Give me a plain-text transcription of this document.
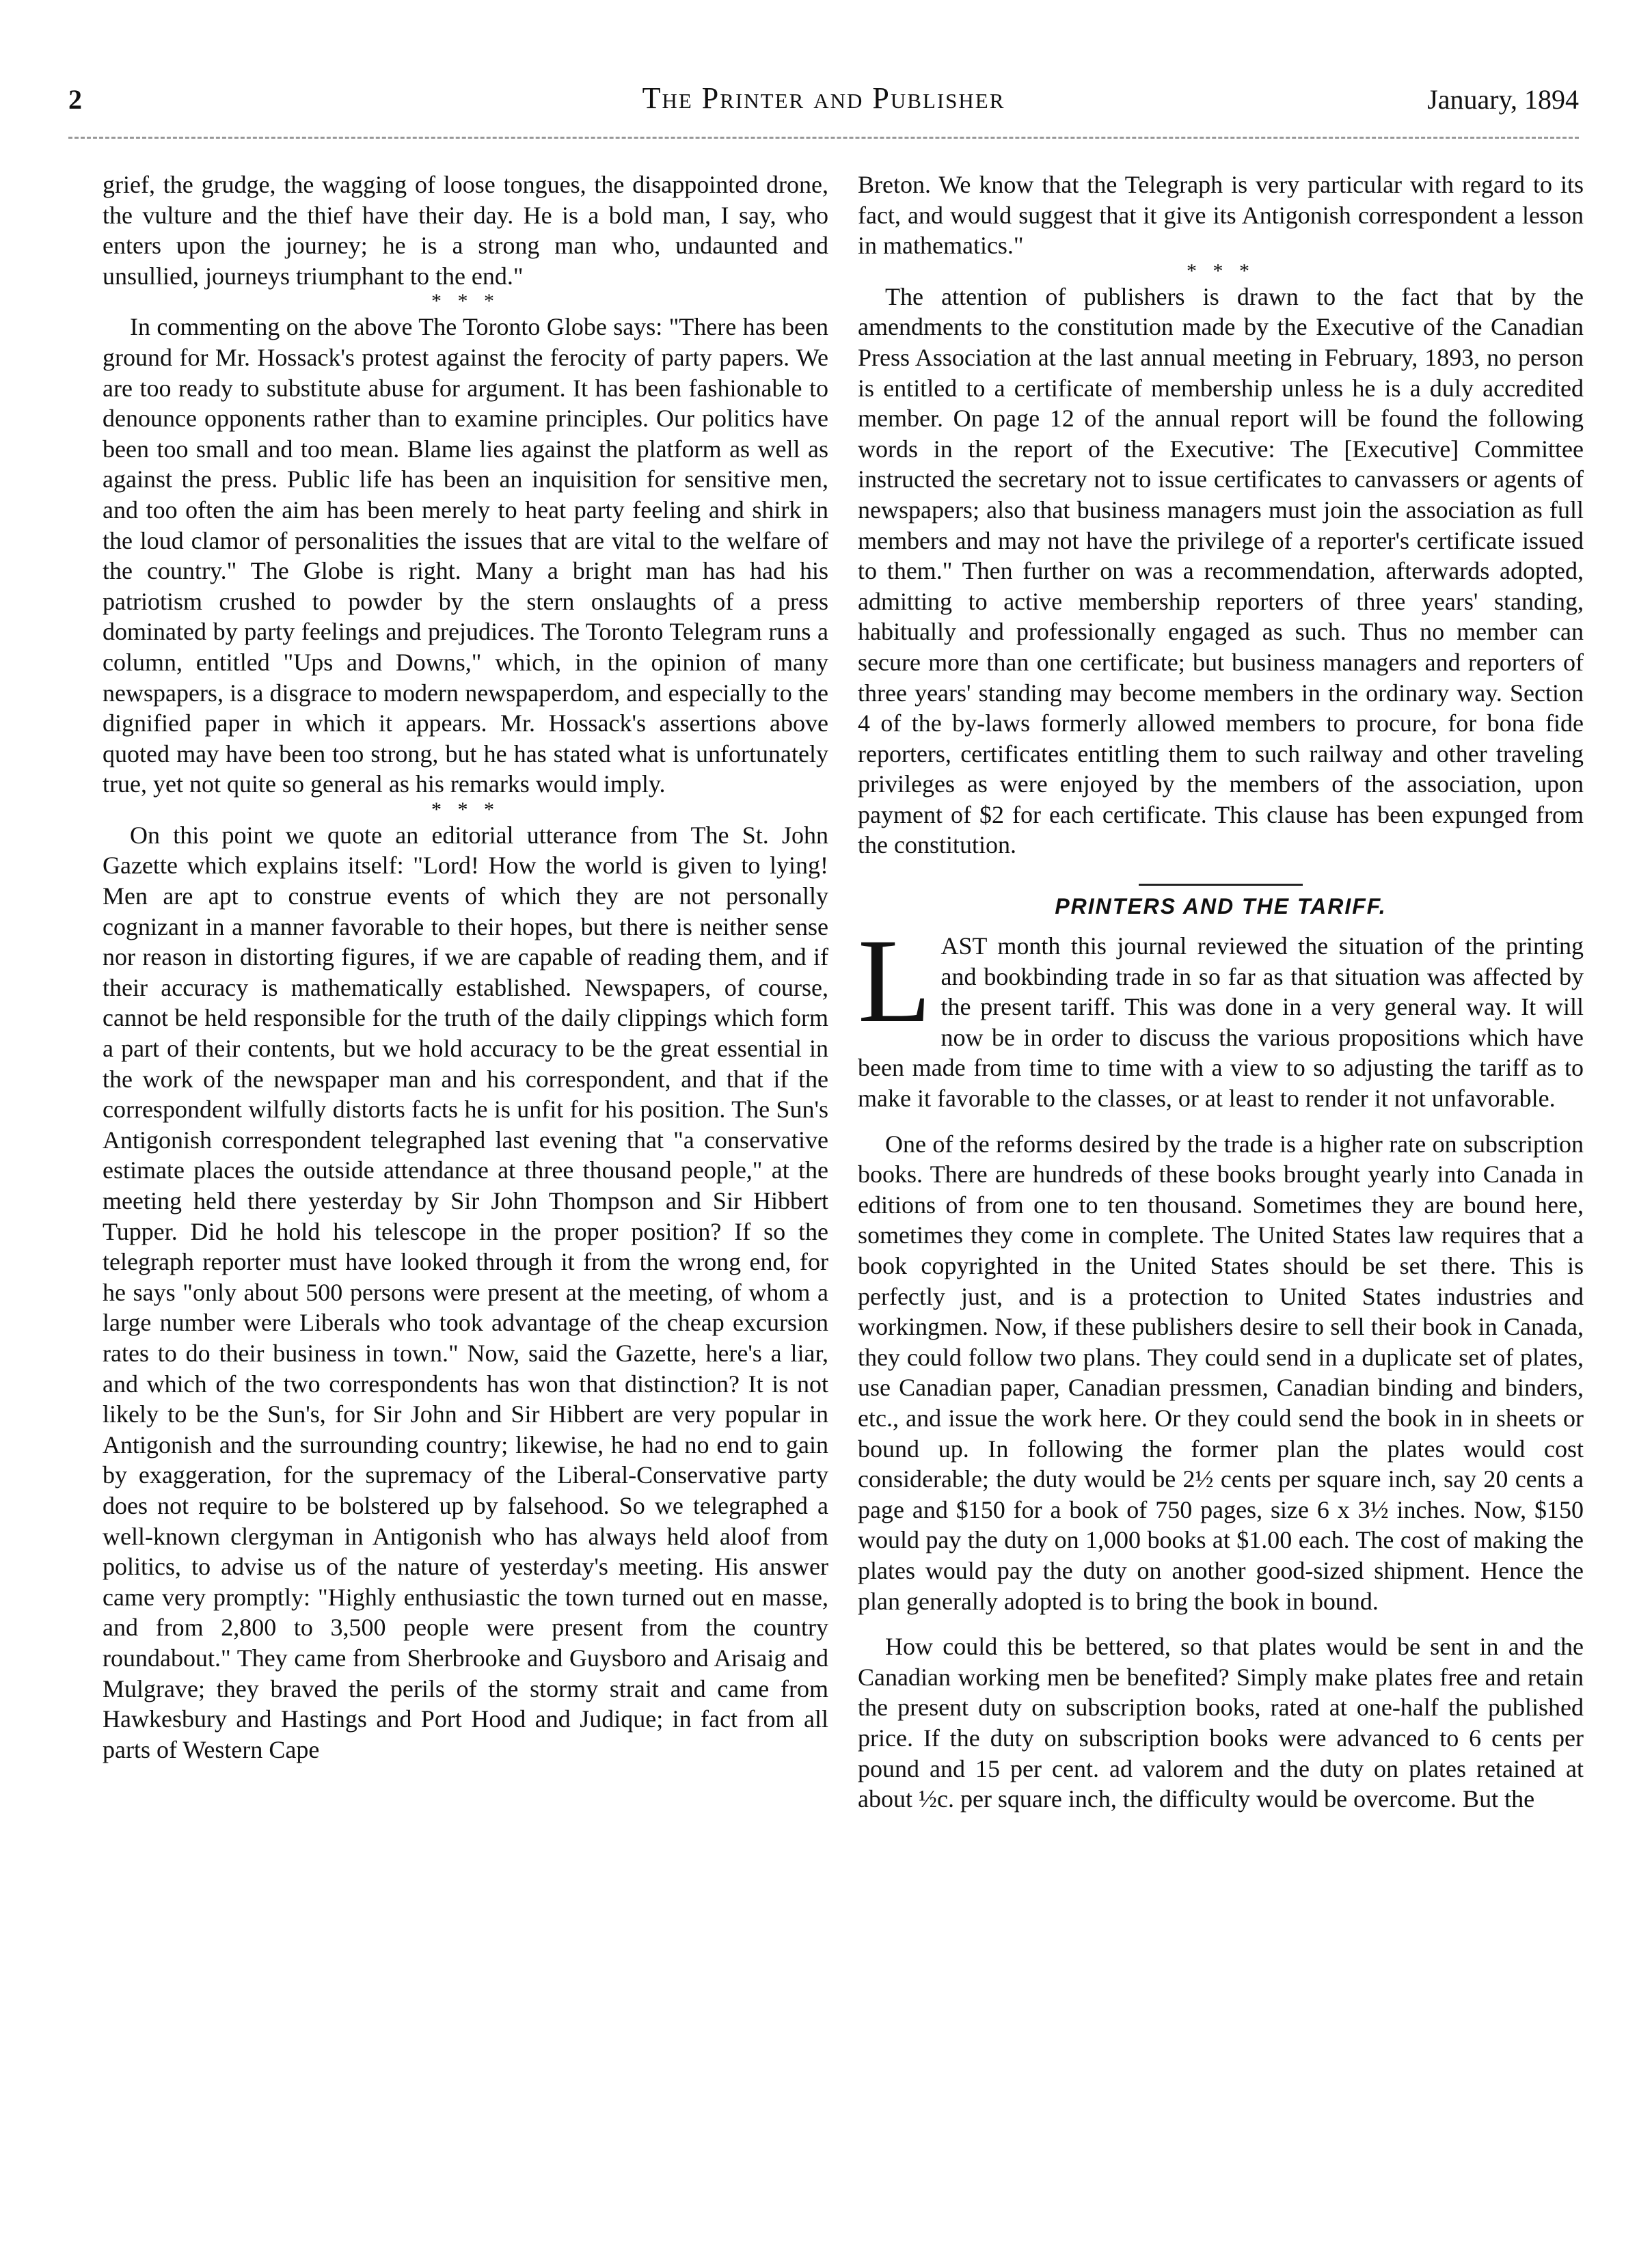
2	The Printer and Publisher	January, 1894

grief, the grudge, the wagging of loose tongues, the disappointed drone, the vulture and the thief have their day. He is a bold man, I say, who enters upon the journey; he is a strong man who, undaunted and unsullied, journeys triumphant to the end."

* * *

In commenting on the above The Toronto Globe says: "There has been ground for Mr. Hossack's protest against the ferocity of party papers. We are too ready to substitute abuse for argument. It has been fashionable to denounce opponents rather than to examine principles. Our politics have been too small and too mean. Blame lies against the platform as well as against the press. Public life has been an inquisition for sensitive men, and too often the aim has been merely to heat party feeling and shirk in the loud clamor of personalities the issues that are vital to the welfare of the country." The Globe is right. Many a bright man has had his patriotism crushed to powder by the stern onslaughts of a press dominated by party feelings and prejudices. The Toronto Telegram runs a column, entitled "Ups and Downs," which, in the opinion of many newspapers, is a disgrace to modern newspaperdom, and especially to the dignified paper in which it appears. Mr. Hossack's assertions above quoted may have been too strong, but he has stated what is unfortunately true, yet not quite so general as his remarks would imply.

* * *

On this point we quote an editorial utterance from The St. John Gazette which explains itself: "Lord! How the world is given to lying! Men are apt to construe events of which they are not personally cognizant in a manner favorable to their hopes, but there is neither sense nor reason in distorting figures, if we are capable of reading them, and if their accuracy is mathematically established. Newspapers, of course, cannot be held responsible for the truth of the daily clippings which form a part of their contents, but we hold accuracy to be the great essential in the work of the newspaper man and his correspondent, and that if the correspondent wilfully distorts facts he is unfit for his position. The Sun's Antigonish correspondent telegraphed last evening that "a conservative estimate places the outside attendance at three thousand people," at the meeting held there yesterday by Sir John Thompson and Sir Hibbert Tupper. Did he hold his telescope in the proper position? If so the telegraph reporter must have looked through it from the wrong end, for he says "only about 500 persons were present at the meeting, of whom a large number were Liberals who took advantage of the cheap excursion rates to do their business in town." Now, said the Gazette, here's a liar, and which of the two correspondents has won that distinction? It is not likely to be the Sun's, for Sir John and Sir Hibbert are very popular in Antigonish and the surrounding country; likewise, he had no end to gain by exaggeration, for the supremacy of the Liberal-Conservative party does not require to be bolstered up by falsehood. So we telegraphed a well-known clergyman in Antigonish who has always held aloof from politics, to advise us of the nature of yesterday's meeting. His answer came very promptly: "Highly enthusiastic the town turned out en masse, and from 2,800 to 3,500 people were present from the country roundabout." They came from Sherbrooke and Guysboro and Arisaig and Mulgrave; they braved the perils of the stormy strait and came from Hawkesbury and Hastings and Port Hood and Judique; in fact from all parts of Western Cape

Breton. We know that the Telegraph is very particular with regard to its fact, and would suggest that it give its Antigonish correspondent a lesson in mathematics."

* * *

The attention of publishers is drawn to the fact that by the amendments to the constitution made by the Executive of the Canadian Press Association at the last annual meeting in February, 1893, no person is entitled to a certificate of membership unless he is a duly accredited member. On page 12 of the annual report will be found the following words in the report of the Executive: The [Executive] Committee instructed the secretary not to issue certificates to canvassers or agents of newspapers; also that business managers must join the association as full members and may not have the privilege of a reporter's certificate issued to them." Then further on was a recommendation, afterwards adopted, admitting to active membership reporters of three years' standing, habitually and professionally engaged as such. Thus no member can secure more than one certificate; but business managers and reporters of three years' standing may become members in the ordinary way. Section 4 of the by-laws formerly allowed members to procure, for bona fide reporters, certificates entitling them to such railway and other traveling privileges as were enjoyed by the members of the association, upon payment of $2 for each certificate. This clause has been expunged from the constitution.

PRINTERS AND THE TARIFF.

LAST month this journal reviewed the situation of the printing and bookbinding trade in so far as that situation was affected by the present tariff. This was done in a very general way. It will now be in order to discuss the various propositions which have been made from time to time with a view to so adjusting the tariff as to make it favorable to the classes, or at least to render it not unfavorable.

One of the reforms desired by the trade is a higher rate on subscription books. There are hundreds of these books brought yearly into Canada in editions of from one to ten thousand. Sometimes they are bound here, sometimes they come in complete. The United States law requires that a book copyrighted in the United States should be set there. This is perfectly just, and is a protection to United States industries and workingmen. Now, if these publishers desire to sell their book in Canada, they could follow two plans. They could send in a duplicate set of plates, use Canadian paper, Canadian pressmen, Canadian binding and binders, etc., and issue the work here. Or they could send the book in in sheets or bound up. In following the former plan the plates would cost considerable; the duty would be 2½ cents per square inch, say 20 cents a page and $150 for a book of 750 pages, size 6 x 3½ inches. Now, $150 would pay the duty on 1,000 books at $1.00 each. The cost of making the plates would pay the duty on another good-sized shipment. Hence the plan generally adopted is to bring the book in bound.

How could this be bettered, so that plates would be sent in and the Canadian working men be benefited? Simply make plates free and retain the present duty on subscription books, rated at one-half the published price. If the duty on subscription books were advanced to 6 cents per pound and 15 per cent. ad valorem and the duty on plates retained at about ½c. per square inch, the difficulty would be overcome. But the
